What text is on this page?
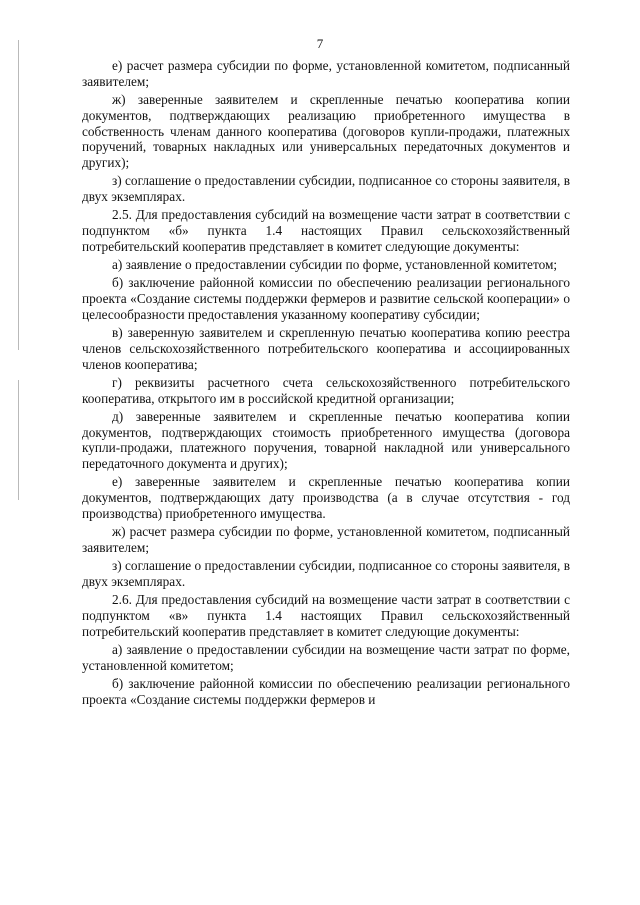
7

е) расчет размера субсидии по форме, установленной комитетом, подписанный заявителем;

ж) заверенные заявителем и скрепленные печатью кооператива копии документов, подтверждающих реализацию приобретенного имущества в собственность членам данного кооператива (договоров купли-продажи, платежных поручений, товарных накладных или универсальных передаточных документов и других);

з) соглашение о предоставлении субсидии, подписанное со стороны заявителя, в двух экземплярах.

2.5. Для предоставления субсидий на возмещение части затрат в соответствии с подпунктом «б» пункта 1.4 настоящих Правил сельскохозяйственный потребительский кооператив представляет в комитет следующие документы:

а) заявление о предоставлении субсидии по форме, установленной комитетом;

б) заключение районной комиссии по обеспечению реализации регионального проекта «Создание системы поддержки фермеров и развитие сельской кооперации» о целесообразности предоставления указанному кооперативу субсидии;

в) заверенную заявителем и скрепленную печатью кооператива копию реестра членов сельскохозяйственного потребительского кооператива и ассоциированных членов кооператива;

г) реквизиты расчетного счета сельскохозяйственного потребительского кооператива, открытого им в российской кредитной организации;

д) заверенные заявителем и скрепленные печатью кооператива копии документов, подтверждающих стоимость приобретенного имущества (договора купли-продажи, платежного поручения, товарной накладной или универсального передаточного документа и других);

е) заверенные заявителем и скрепленные печатью кооператива копии документов, подтверждающих дату производства (а в случае отсутствия - год производства) приобретенного имущества.

ж) расчет размера субсидии по форме, установленной комитетом, подписанный заявителем;

з) соглашение о предоставлении субсидии, подписанное со стороны заявителя, в двух экземплярах.

2.6. Для предоставления субсидий на возмещение части затрат в соответствии с подпунктом «в» пункта 1.4 настоящих Правил сельскохозяйственный потребительский кооператив представляет в комитет следующие документы:

а) заявление о предоставлении субсидии на возмещение части затрат по форме, установленной комитетом;

б) заключение районной комиссии по обеспечению реализации регионального проекта «Создание системы поддержки фермеров и
